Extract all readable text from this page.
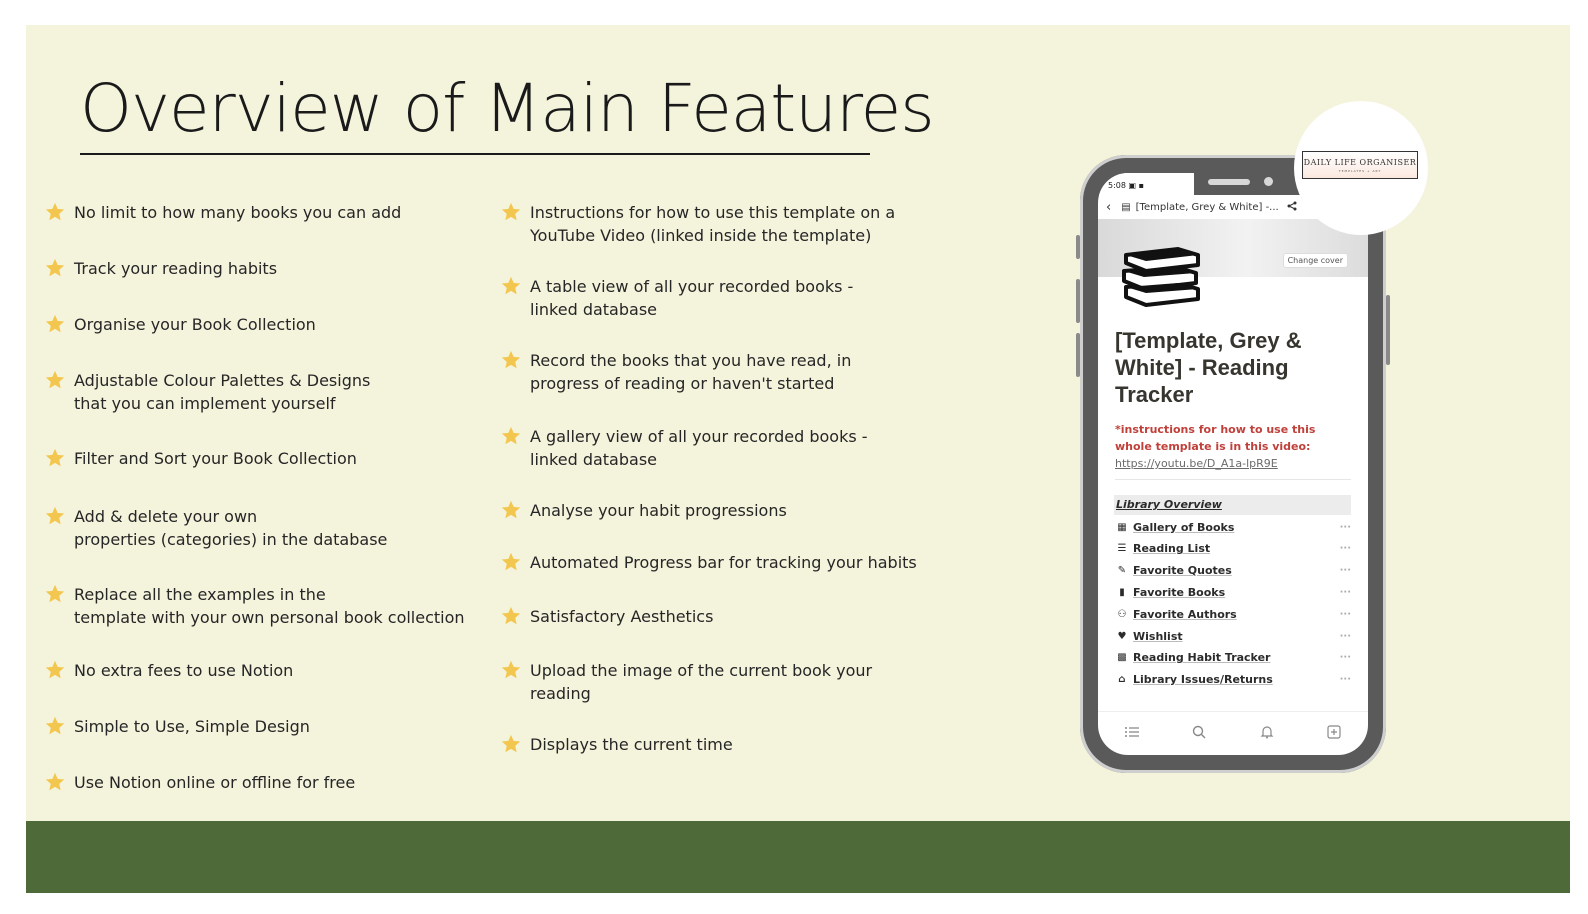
Overview of Main Features
No limit to how many books you can add
Track your reading habits
Organise your Book Collection
Adjustable Colour Palettes & Designs
that you can implement yourself
Filter and Sort your Book Collection
Add & delete your own
properties (categories) in the database
Replace all the examples in the
template with your own personal book collection
No extra fees to use Notion
Simple to Use, Simple Design
Use Notion online or offline for free
Instructions for how to use this template on a
YouTube Video (linked inside the template)
A table view of all your recorded books -
linked database
Record the books that you have read, in
progress of reading or haven't started
A gallery view of all your recorded books -
linked database
Analyse your habit progressions
Automated Progress bar for tracking your habits
Satisfactory Aesthetics
Upload the image of the current book your
reading
Displays the current time
5:08 ▣ ▪
‹ ▤ [Template, Grey & White] -...
Change cover
[Template, Grey & White] - Reading Tracker
*instructions for how to use this whole template is in this video:
https://youtu.be/D_A1a-lpR9E
Library Overview
▦ Gallery of Books	···
☰ Reading List	···
✎ Favorite Quotes	···
▮ Favorite Books	···
⚇ Favorite Authors	···
♥ Wishlist	···
▩ Reading Habit Tracker	···
⌂ Library Issues/Returns	···
DAILY LIFE ORGANISER
TEMPLATES + ART
